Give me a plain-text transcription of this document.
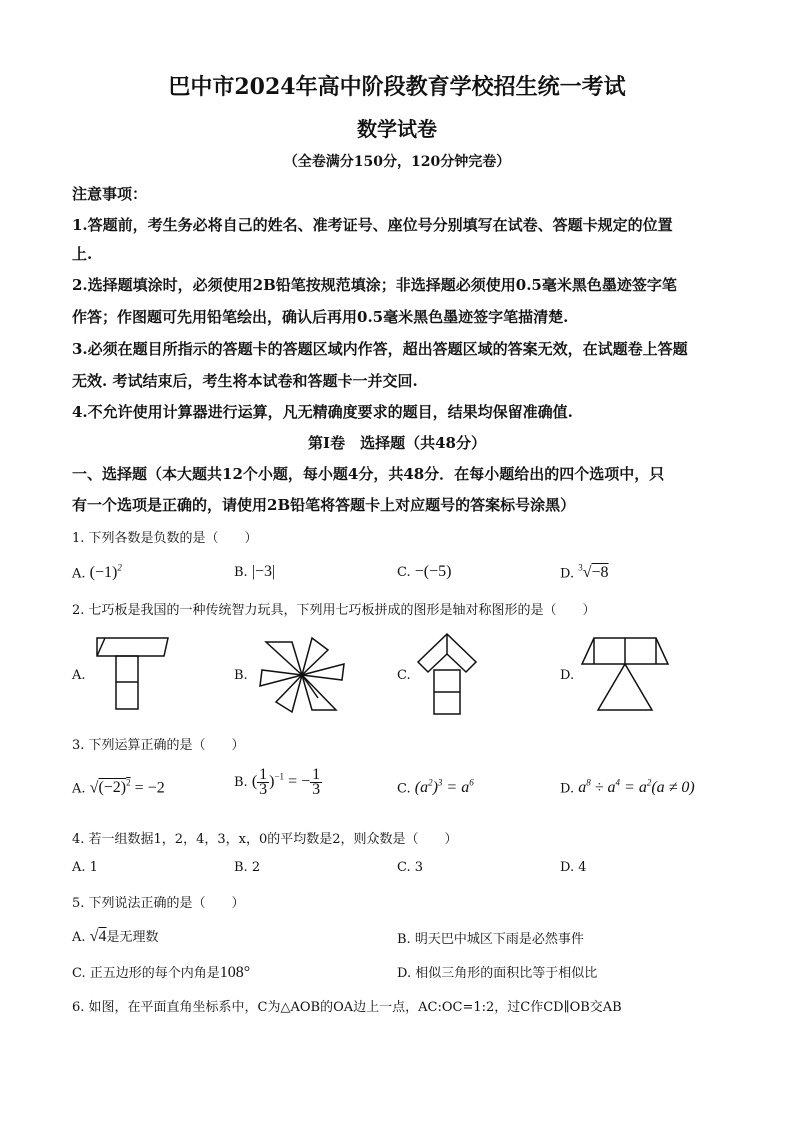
巴中市2024年高中阶段教育学校招生统一考试
数学试卷
（全卷满分150分，120分钟完卷）
注意事项：
1.答题前，考生务必将自己的姓名、准考证号、座位号分别填写在试卷、答题卡规定的位置
上.
2.选择题填涂时，必须使用2B铅笔按规范填涂；非选择题必须使用0.5毫米黑色墨迹签字笔
作答；作图题可先用铅笔绘出，确认后再用0.5毫米黑色墨迹签字笔描清楚.
3.必须在题目所指示的答题卡的答题区域内作答，超出答题区域的答案无效，在试题卷上答题
无效. 考试结束后，考生将本试卷和答题卡一并交回.
4.不允许使用计算器进行运算，凡无精确度要求的题目，结果均保留准确值.
第Ⅰ卷　选择题（共48分）
一、选择题（本大题共12个小题，每小题4分，共48分．在每小题给出的四个选项中，只
有一个选项是正确的，请使用2B铅笔将答题卡上对应题号的答案标号涂黑）
1. 下列各数是负数的是（　　）
A. $(-1)^2$	B. |−3|	C. −(−5)	D. $^3$√−8
2. 七巧板是我国的一种传统智力玩具，下列用七巧板拼成的图形是轴对称图形的是（　　）
A.	B.	C.	D.
3. 下列运算正确的是（　　）
A. $√(-2)^2 = -2$	B. ( $\frac{1}{3} )^{-1}$ = − $\frac{1}{3}$	C. $(a^2)^3 = a^6$	D. $a^8 \div a^4 = a^2(a \ne 0)$
4. 若一组数据1，2，4，3，x，0的平均数是2，则众数是（　　）
A. 1	B. 2	C. 3	D. 4
5. 下列说法正确的是（　　）
A. √4是无理数	B. 明天巴中城区下雨是必然事件
C. 正五边形的每个内角是108°	D. 相似三角形的面积比等于相似比
6. 如图，在平面直角坐标系中，C为△AOB的OA边上一点，AC:OC=1:2，过C作CD∥OB交AB
